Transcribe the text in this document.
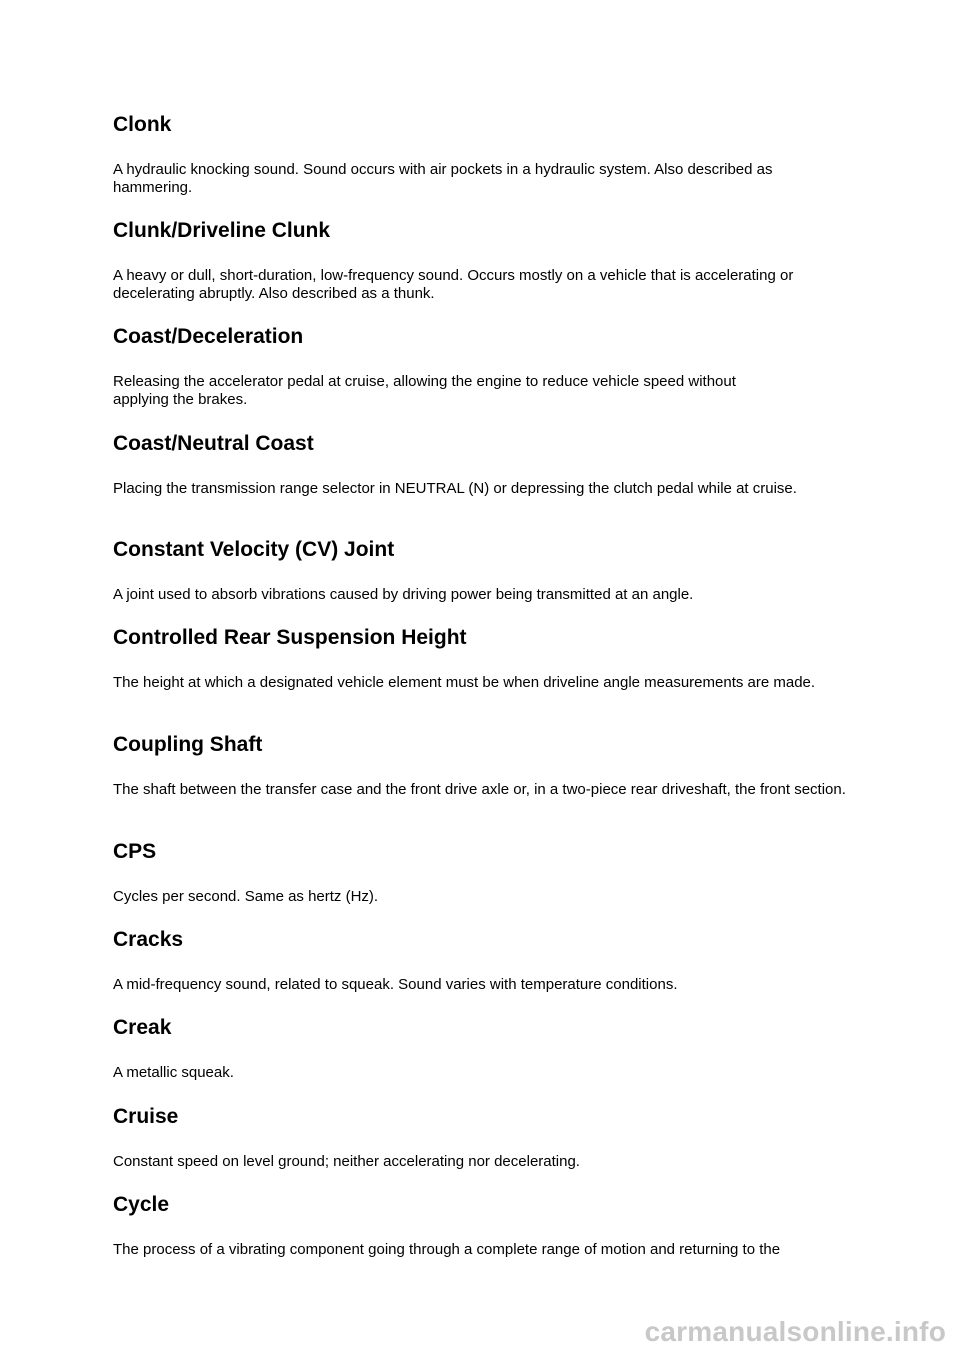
Clonk

A hydraulic knocking sound. Sound occurs with air pockets in a hydraulic system. Also described as hammering.

Clunk/Driveline Clunk

A heavy or dull, short-duration, low-frequency sound. Occurs mostly on a vehicle that is accelerating or decelerating abruptly. Also described as a thunk.

Coast/Deceleration

Releasing the accelerator pedal at cruise, allowing the engine to reduce vehicle speed without applying the brakes.

Coast/Neutral Coast

Placing the transmission range selector in NEUTRAL (N) or depressing the clutch pedal while at cruise.

Constant Velocity (CV) Joint

A joint used to absorb vibrations caused by driving power being transmitted at an angle.

Controlled Rear Suspension Height

The height at which a designated vehicle element must be when driveline angle measurements are made.

Coupling Shaft

The shaft between the transfer case and the front drive axle or, in a two-piece rear driveshaft, the front section.

CPS

Cycles per second. Same as hertz (Hz).

Cracks

A mid-frequency sound, related to squeak. Sound varies with temperature conditions.

Creak

A metallic squeak.

Cruise

Constant speed on level ground; neither accelerating nor decelerating.

Cycle

The process of a vibrating component going through a complete range of motion and returning to the

carmanualsonline.info
